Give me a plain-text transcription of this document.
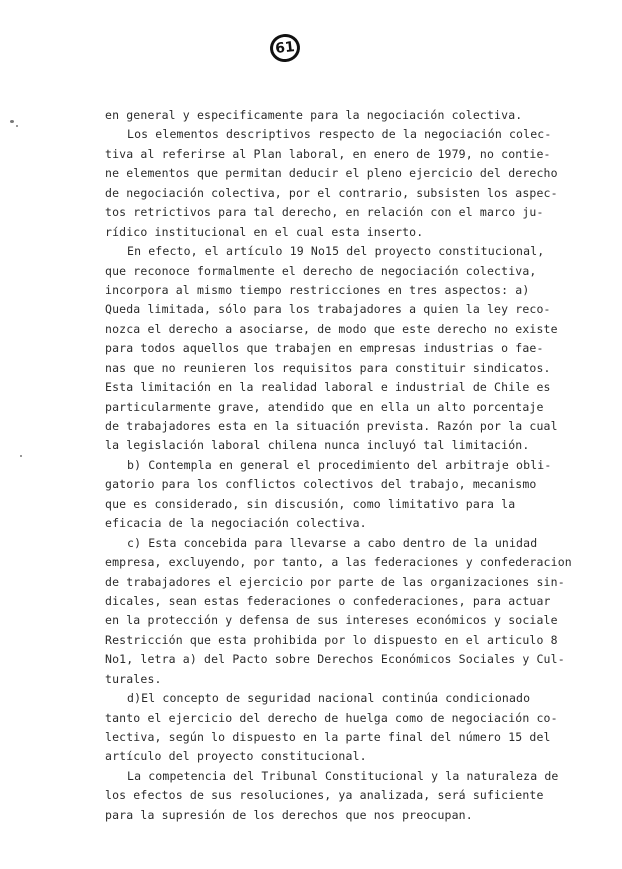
61
en general y especificamente para la negociación colectiva.
Los elementos descriptivos respecto de la negociación colec-
tiva al referirse al Plan laboral, en enero de 1979, no contie-
ne elementos que permitan deducir el pleno ejercicio del derecho
de negociación colectiva, por el contrario, subsisten los aspec-
tos retrictivos para tal derecho, en relación con el marco ju-
rídico institucional en el cual esta inserto.
En efecto, el artículo 19 No15 del proyecto constitucional,
que reconoce formalmente el derecho de negociación colectiva,
incorpora al mismo tiempo restricciones en tres aspectos: a)
Queda limitada, sólo para los trabajadores a quien la ley reco-
nozca el derecho a asociarse, de modo que este derecho no existe
para todos aquellos que trabajen en empresas industrias o fae-
nas que no reunieren los requisitos para constituir sindicatos.
Esta limitación en la realidad laboral e industrial de Chile es
particularmente grave, atendido que en ella un alto porcentaje
de trabajadores esta en la situación prevista. Razón por la cual
la legislación laboral chilena nunca incluyó tal limitación.
b) Contempla en general el procedimiento del arbitraje obli-
gatorio para los conflictos colectivos del trabajo, mecanismo
que es considerado, sin discusión, como limitativo para la
eficacia de la negociación colectiva.
c) Esta concebida para llevarse a cabo dentro de la unidad
empresa, excluyendo, por tanto, a las federaciones y confederacion
de trabajadores el ejercicio por parte de las organizaciones sin-
dicales, sean estas federaciones o confederaciones, para actuar
en la protección y defensa de sus intereses económicos y sociale
Restricción que esta prohibida por lo dispuesto en el articulo 8
No1, letra a) del Pacto sobre Derechos Económicos Sociales y Cul-
turales.
d)El concepto de seguridad nacional continúa condicionado
tanto el ejercicio del derecho de huelga como de negociación co-
lectiva, según lo dispuesto en la parte final del número 15 del
artículo del proyecto constitucional.
La competencia del Tribunal Constitucional y la naturaleza de
los efectos de sus resoluciones, ya analizada, será suficiente
para la supresión de los derechos que nos preocupan.
